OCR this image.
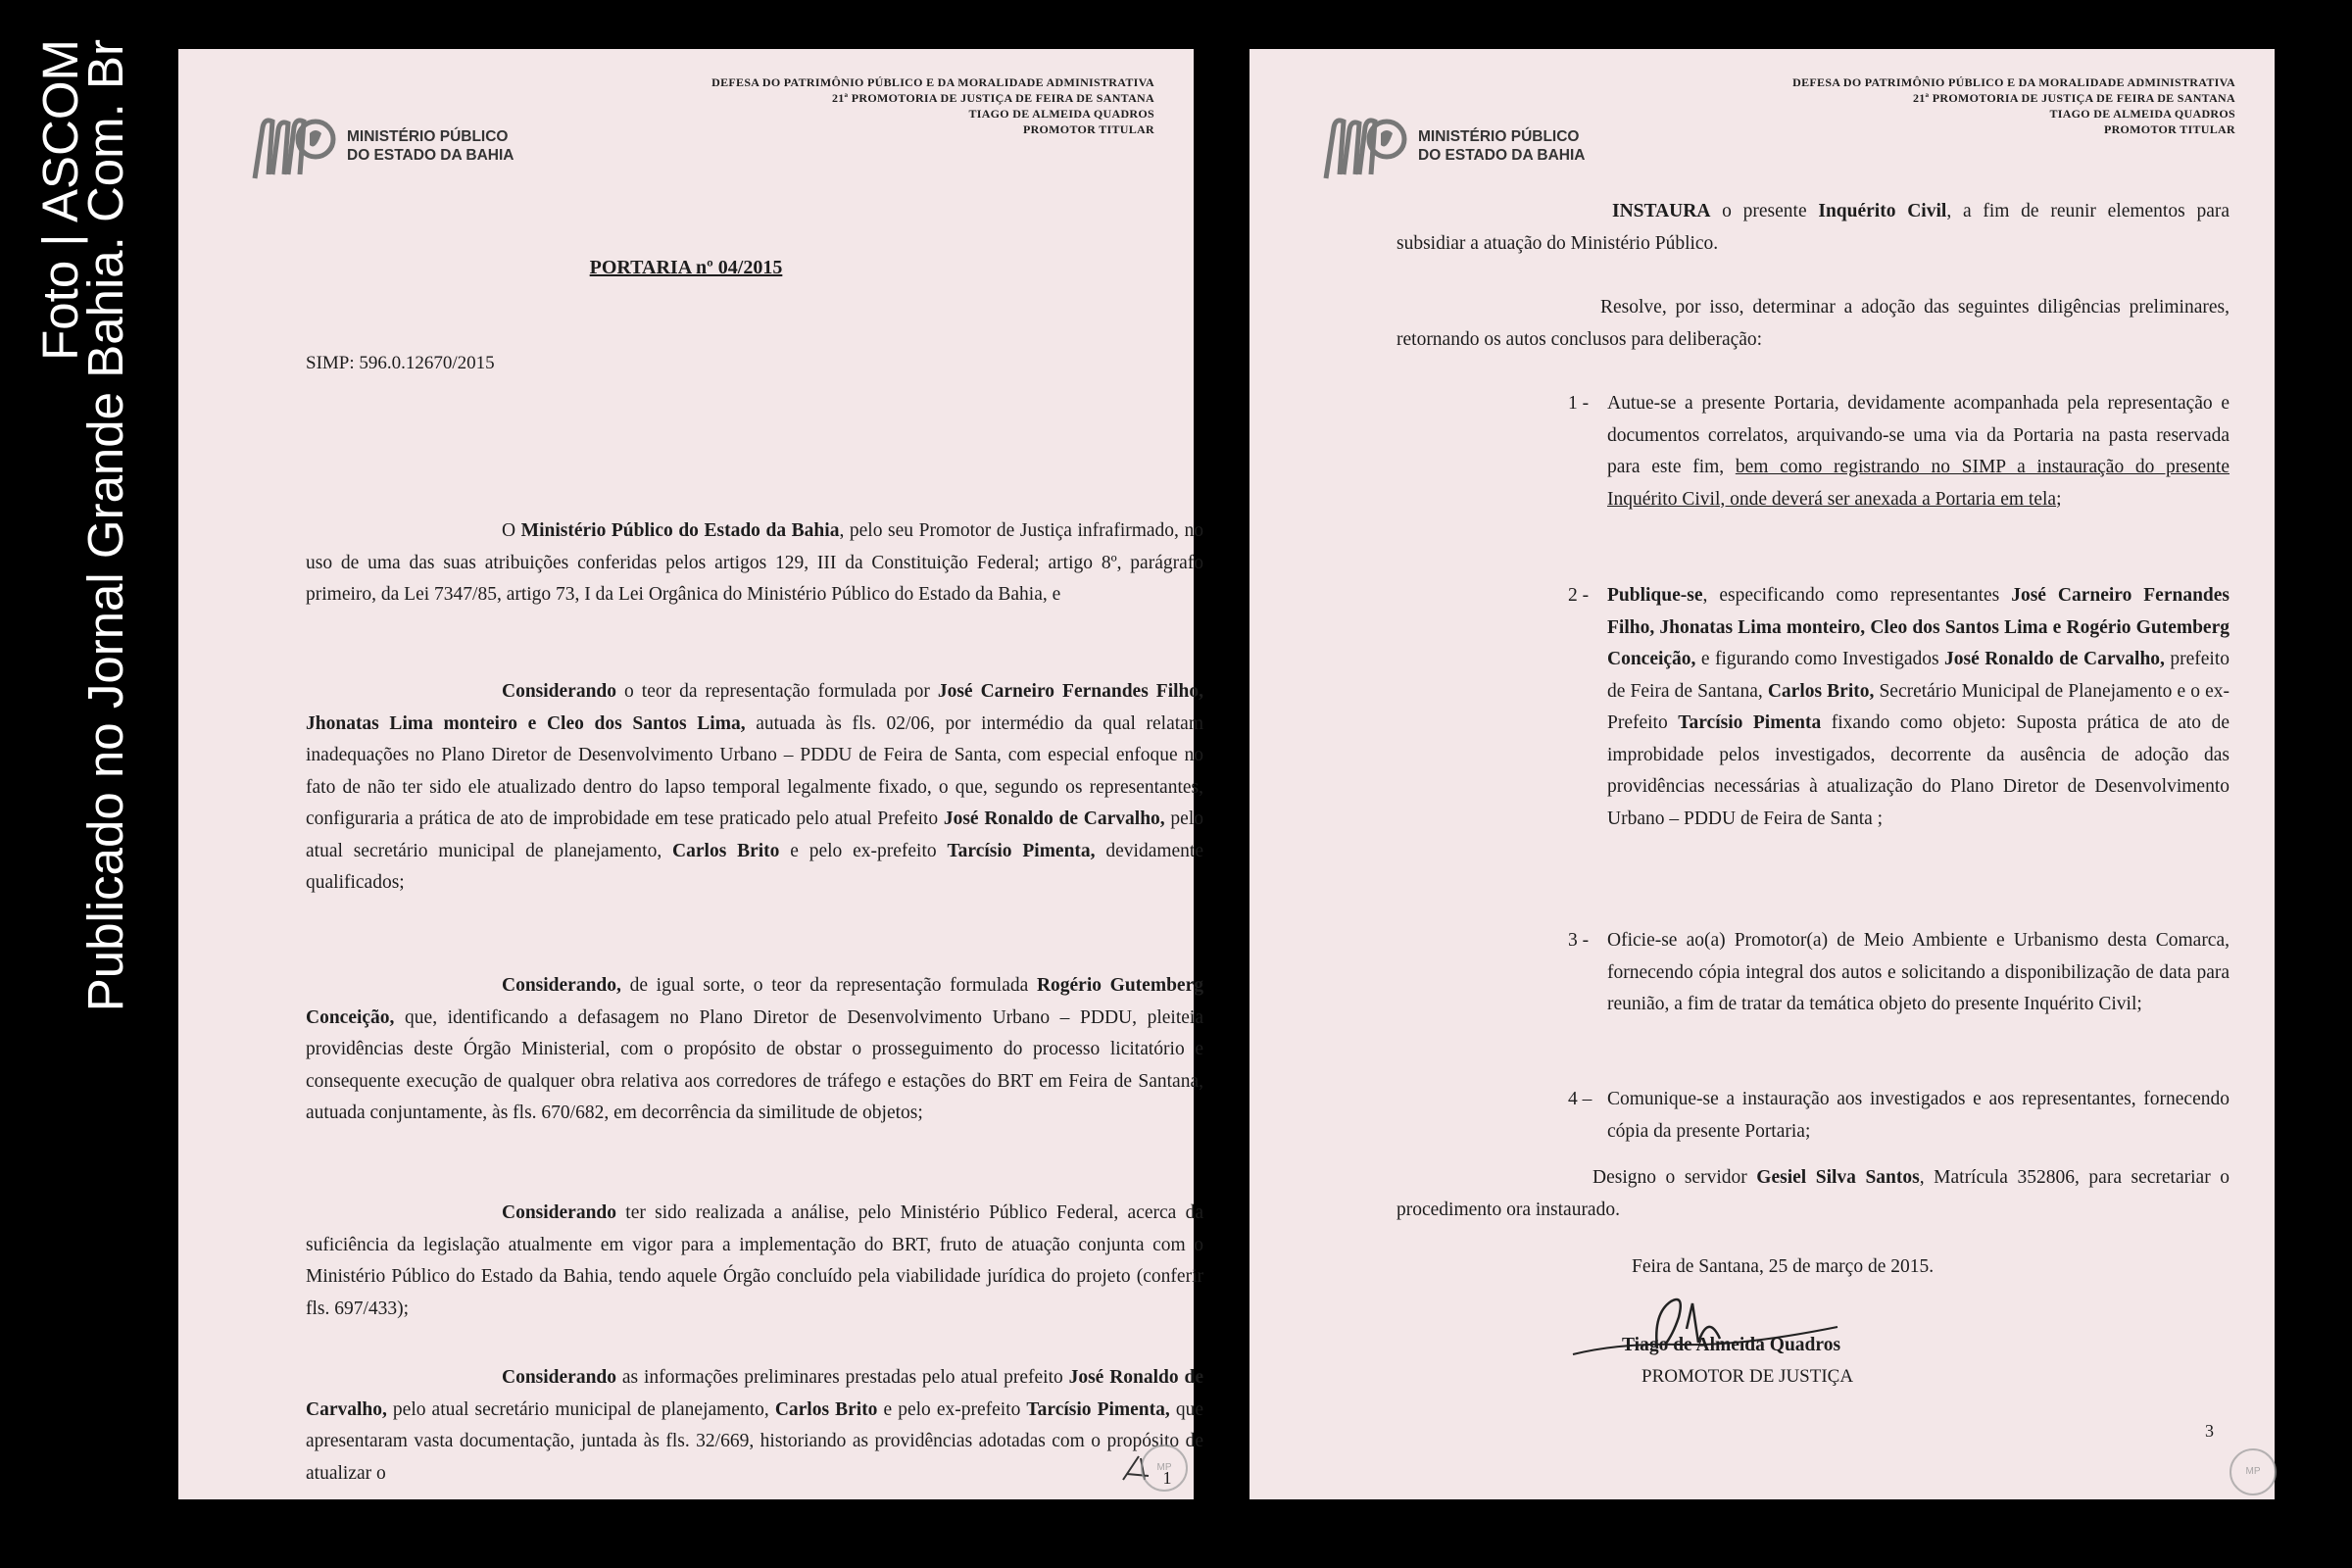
Foto | ASCOM
Publicado no Jornal Grande Bahia. Com. Br	DEFESA DO PATRIMÔNIO PÚBLICO E DA MORALIDADE ADMINISTRATIVA
21ª PROMOTORIA DE JUSTIÇA DE FEIRA DE SANTANA
TIAGO DE ALMEIDA QUADROS
PROMOTOR TITULAR
MINISTÉRIO PÚBLICO
DO ESTADO DA BAHIA
PORTARIA nº 04/2015
SIMP: 596.0.12670/2015

O Ministério Público do Estado da Bahia, pelo seu Promotor de Justiça infrafirmado, no uso de uma das suas atribuições conferidas pelos artigos 129, III da Constituição Federal; artigo 8º, parágrafo primeiro, da Lei 7347/85, artigo 73, I da Lei Orgânica do Ministério Público do Estado da Bahia, e

Considerando o teor da representação formulada por José Carneiro Fernandes Filho, Jhonatas Lima monteiro e Cleo dos Santos Lima, autuada às fls. 02/06, por intermédio da qual relatam inadequações no Plano Diretor de Desenvolvimento Urbano – PDDU de Feira de Santa, com especial enfoque no fato de não ter sido ele atualizado dentro do lapso temporal legalmente fixado, o que, segundo os representantes, configuraria a prática de ato de improbidade em tese praticado pelo atual Prefeito José Ronaldo de Carvalho, pelo atual secretário municipal de planejamento, Carlos Brito e pelo ex-prefeito Tarcísio Pimenta, devidamente qualificados;

Considerando, de igual sorte, o teor da representação formulada Rogério Gutemberg Conceição, que, identificando a defasagem no Plano Diretor de Desenvolvimento Urbano – PDDU, pleiteia providências deste Órgão Ministerial, com o propósito de obstar o prosseguimento do processo licitatório e consequente execução de qualquer obra relativa aos corredores de tráfego e estações do BRT em Feira de Santana, autuada conjuntamente, às fls. 670/682, em decorrência da similitude de objetos;

Considerando ter sido realizada a análise, pelo Ministério Público Federal, acerca da suficiência da legislação atualmente em vigor para a implementação do BRT, fruto de atuação conjunta com o Ministério Público do Estado da Bahia, tendo aquele Órgão concluído pela viabilidade jurídica do projeto (conferir fls. 697/433);

Considerando as informações preliminares prestadas pelo atual prefeito José Ronaldo de Carvalho, pelo atual secretário municipal de planejamento, Carlos Brito e pelo ex-prefeito Tarcísio Pimenta, que apresentaram vasta documentação, juntada às fls. 32/669, historiando as providências adotadas com o propósito de atualizar o	1
MP
DEFESA DO PATRIMÔNIO PÚBLICO E DA MORALIDADE ADMINISTRATIVA
21ª PROMOTORIA DE JUSTIÇA DE FEIRA DE SANTANA
TIAGO DE ALMEIDA QUADROS
PROMOTOR TITULAR
MINISTÉRIO PÚBLICO
DO ESTADO DA BAHIA

INSTAURA o presente Inquérito Civil, a fim de reunir elementos para subsidiar a atuação do Ministério Público.

Resolve, por isso, determinar a adoção das seguintes diligências preliminares, retornando os autos conclusos para deliberação:

1 - Autue-se a presente Portaria, devidamente acompanhada pela representação e documentos correlatos, arquivando-se uma via da Portaria na pasta reservada para este fim, bem como registrando no SIMP a instauração do presente Inquérito Civil, onde deverá ser anexada a Portaria em tela;
2 - Publique-se, especificando como representantes José Carneiro Fernandes Filho, Jhonatas Lima monteiro, Cleo dos Santos Lima e Rogério Gutemberg Conceição, e figurando como Investigados José Ronaldo de Carvalho, prefeito de Feira de Santana, Carlos Brito, Secretário Municipal de Planejamento e o ex-Prefeito Tarcísio Pimenta fixando como objeto: Suposta prática de ato de improbidade pelos investigados, decorrente da ausência de adoção das providências necessárias à atualização do Plano Diretor de Desenvolvimento Urbano – PDDU de Feira de Santa ;
3 - Oficie-se ao(a) Promotor(a) de Meio Ambiente e Urbanismo desta Comarca, fornecendo cópia integral dos autos e solicitando a disponibilização de data para reunião, a fim de tratar da temática objeto do presente Inquérito Civil;
4 – Comunique-se a instauração aos investigados e aos representantes, fornecendo cópia da presente Portaria;

Designo o servidor Gesiel Silva Santos, Matrícula 352806, para secretariar o procedimento ora instaurado.

Feira de Santana, 25 de março de 2015.
Tiago de Almeida Quadros
PROMOTOR DE JUSTIÇA
3
MP
